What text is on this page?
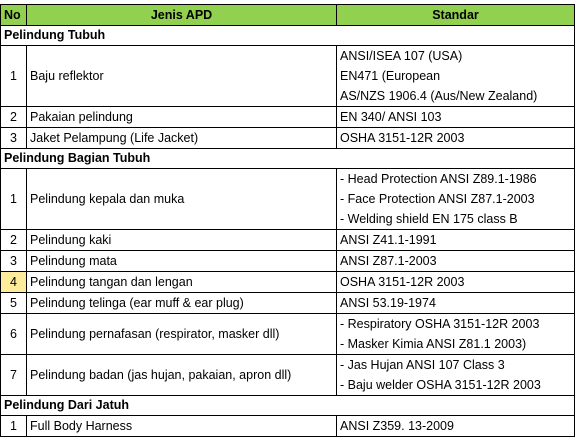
No	Jenis APD	Standar
Pelindung Tubuh		
1	Baju reflektor	ANSI/ISEA 107 (USA)
EN471 (European
AS/NZS 1906.4 (Aus/New Zealand)

2	Pakaian pelindung	EN 340/ ANSI 103

3	Jaket Pelampung (Life Jacket)	OSHA 3151-12R 2003

Pelindung Bagian Tubuh		
1	Pelindung kepala dan muka	- Head Protection ANSI Z89.1-1986
- Face Protection ANSI Z87.1-2003
- Welding shield EN 175 class B

2	Pelindung kaki	ANSI Z41.1-1991

3	Pelindung mata	ANSI Z87.1-2003

4	Pelindung tangan dan lengan	OSHA 3151-12R 2003

5	Pelindung telinga (ear muff & ear plug)	ANSI 53.19-1974

6	Pelindung pernafasan (respirator, masker dll)	- Respiratory OSHA 3151-12R 2003
- Masker Kimia ANSI Z81.1 2003)

7	Pelindung badan (jas hujan, pakaian, apron dll)	- Jas Hujan ANSI 107 Class 3
- Baju welder OSHA 3151-12R 2003

Pelindung Dari Jatuh		
1	Full Body Harness	ANSI Z359. 13-2009
